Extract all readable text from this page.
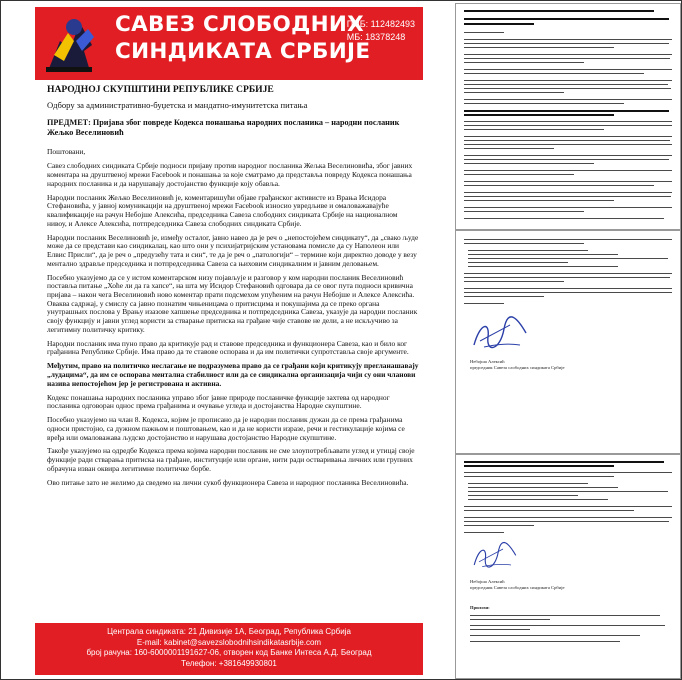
САВЕЗ СЛОБОДНИХ
СИНДИКАТА СРБИЈЕ
ПИБ: 112482493
МБ: 18378248

НАРОДНОЈ СКУПШТИНИ РЕПУБЛИКЕ СРБИЈЕ

Одбору за административно-буџетска и мандатно-имунитетска питања

ПРЕДМЕТ: Пријава због повреде Кодекса понашања народних посланика – народни посланик Жељко Веселиновић

Поштовани,

Савез слободних синдиката Србије подноси пријаву против народног посланика Жељка Веселиновића, због јавних коментара на друштвеној мрежи Facebook и понашања за које сматрамо да представља повреду Кодекса понашања народних посланика и да нарушавају достојанство функције коју обавља.

Народни посланик Жељко Веселиновић је, коментаришући објаве грађанског активисте из Врања Исидора Стефановића, у јавној комуникацији на друштвеној мрежи Facebook износио увредљиве и омаловажавајуће квалификације на рачун Небојше Алексића, председника Савеза слободних синдиката Србије на националном нивоу, и Алексе Алексића, потпредседника Савеза слободних синдиката Србије.

Народни посланик Веселиновић је, између осталог, јавно навео да је реч о „непостојећем синдикату“, да „свако људе може да се представи као синдикалац, као што они у психијатријским установама помисле да су Наполеон или Елвис Присли“, да је реч о „предузећу тата и син“, те да је реч о „патологији“ – термине који директно доводе у везу ментално здравље председника и потпредседника Савеза са њиховим синдикалним и јавним деловањем.

Посебно указујемо да се у истом коментарском низу појављује и разговор у ком народни посланик Веселиновић поставља питање „Хоће ли да га хапсе“, на шта му Исидор Стефановић одговара да се овог пута подноси кривична пријава – након чега Веселиновић ново коментар прати подсмехом упућеним на рачун Небојше и Алексе Алексића. Оваква садржај, у смислу са јавно познатим чињеницама о притисцима и покушајима да се преко органа унутрашњих послова у Врању изазове хапшење председника и потпредседника Савеза, указује да народни посланик своју функцију и јавни углед користи за стварање притиска на грађане чије ставове не дели, а не искључиво за легитимну политичку критику.

Народни посланик има пуно право да критикује рад и ставове председника и функционера Савеза, као и било ког грађанина Републике Србије. Има право да те ставове оспорава и да им политички супротставља своје аргументе.

Међутим, право на политичко неслагање не подразумева право да се грађани који критикују прегланашавају „лудацима“, да им се оспорава ментална стабилност или да се синдикална организација чији су они чланови назива непостојећом јер је регистрована и активна.

Кодекс понашања народних посланика управо због јавне природе посланичке функције захтева од народног посланика одговоран однос према грађанима и очување угледа и достојанства Народне скупштине.

Посебно указујемо на члан 8. Кодекса, којим је прописано да је народни посланик дужан да се према грађанима односи пристојно, са дужном пажњом и поштовањем, као и да не користи изразе, речи и гестикулације којима се вређа или омаловажава људско достојанство и нарушава достојанство Народне скупштине.

Такође указујемо на одредбе Кодекса према којима народни посланик не сме злоупотребљавати углед и утицај своје функције ради стварања притиска на грађане, институције или органе, нити ради остваривања личних или групних обрачуна изван оквира легитимне политичке борбе.

Ово питање зато не желимо да сведемо на лични сукоб функционера Савеза и народног посланика Веселиновића.

Централа синдиката: 21 Дивизије 1А, Београд, Република Србија
E-mail: kabinet@savezslobodnihsindikatasrbije.com
број рачуна: 160-6000001191627-06, отворен код Банке Интеса А.Д. Београд
Телефон: +381649930801
Небојша Алексић
председник Савеза слободних синдиката Србије
Небојша Алексић
председник Савеза слободних синдиката Србије
Прилози:
